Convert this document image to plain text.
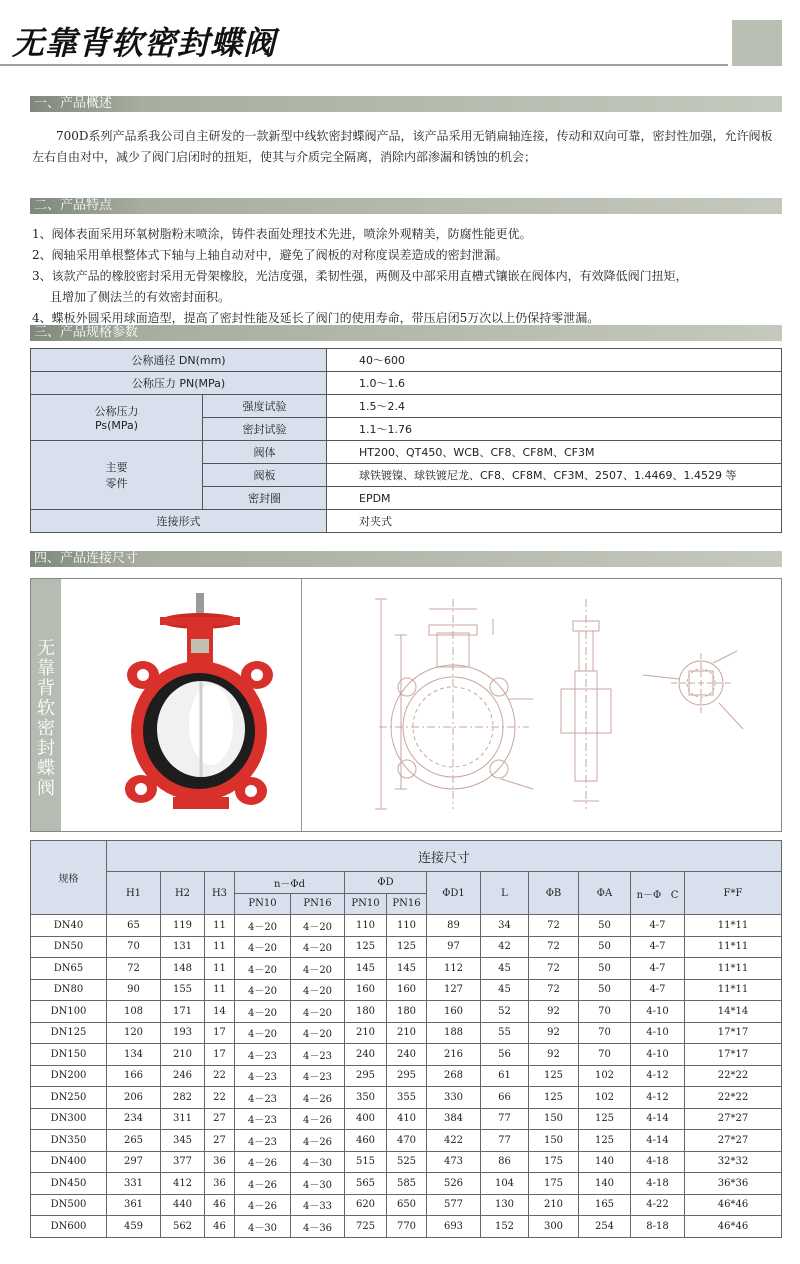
无靠背软密封蝶阀
一、产品概述

700D系列产品系我公司自主研发的一款新型中线软密封蝶阀产品，该产品采用无销扁轴连接，传动和双向可靠，密封性加强，允许阀板左右自由对中，减少了阀门启闭时的扭矩，使其与介质完全隔离，消除内部渗漏和锈蚀的机会；

二、产品特点
1、阀体表面采用环氧树脂粉末喷涂，铸件表面处理技术先进，喷涂外观精美，防腐性能更优。
2、阀轴采用单根整体式下轴与上轴自动对中，避免了阀板的对称度误差造成的密封泄漏。
3、该款产品的橡胶密封采用无骨架橡胶，光洁度强，柔韧性强，两侧及中部采用直槽式镶嵌在阀体内，有效降低阀门扭矩，
且增加了侧法兰的有效密封面积。
4、蝶板外圆采用球面造型，提高了密封性能及延长了阀门的使用寿命，带压启闭5万次以上仍保持零泄漏。
三、产品规格参数
公称通径 DN(mm)		40～600
公称压力 PN(MPa)		1.0～1.6

公称压力
Ps(MPa)	强度试验	1.5～2.4
	密封试验	1.1～1.76

主要
零件	阀体	HT200、QT450、WCB、CF8、CF8M、CF3M
	阀板	球铁镀镍、球铁镀尼龙、CF8、CF8M、CF3M、2507、1.4469、1.4529 等
	密封圈	EPDM
连接形式		对夹式
四、产品连接尺寸
无
靠
背
软
密
封
蝶
阀
规格	连接尺寸												
	H1	H2	H3	n－Φd		ΦD		ΦD1	L	ΦB	ΦA	n－Φ   C	F*F
				PN10	PN16	PN10	PN16						
DN40	65	119	11	4－20	4－20	110	110	89	34	72	50	4-7	11*11
DN50	70	131	11	4－20	4－20	125	125	97	42	72	50	4-7	11*11
DN65	72	148	11	4－20	4－20	145	145	112	45	72	50	4-7	11*11
DN80	90	155	11	4－20	4－20	160	160	127	45	72	50	4-7	11*11
DN100	108	171	14	4－20	4－20	180	180	160	52	92	70	4-10	14*14
DN125	120	193	17	4－20	4－20	210	210	188	55	92	70	4-10	17*17
DN150	134	210	17	4－23	4－23	240	240	216	56	92	70	4-10	17*17
DN200	166	246	22	4－23	4－23	295	295	268	61	125	102	4-12	22*22
DN250	206	282	22	4－23	4－26	350	355	330	66	125	102	4-12	22*22
DN300	234	311	27	4－23	4－26	400	410	384	77	150	125	4-14	27*27
DN350	265	345	27	4－23	4－26	460	470	422	77	150	125	4-14	27*27
DN400	297	377	36	4－26	4－30	515	525	473	86	175	140	4-18	32*32
DN450	331	412	36	4－26	4－30	565	585	526	104	175	140	4-18	36*36
DN500	361	440	46	4－26	4－33	620	650	577	130	210	165	4-22	46*46
DN600	459	562	46	4－30	4－36	725	770	693	152	300	254	8-18	46*46
